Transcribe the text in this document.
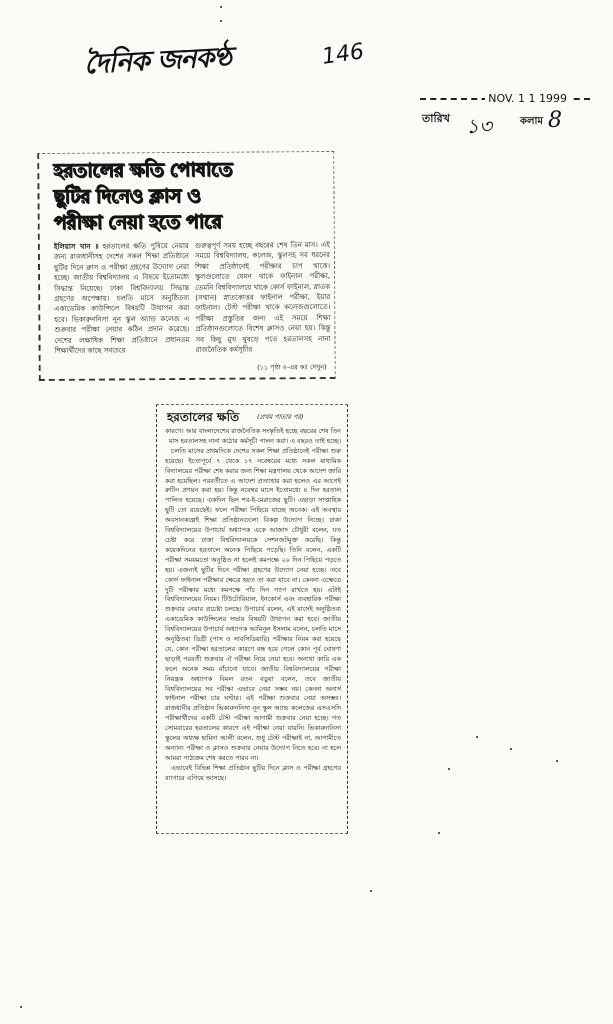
দৈনিক জনকণ্ঠ	146
NOV. 1 1 1999
তারিখ ১৩	কলাম 8
হরতালের ক্ষতি পোষাতে
ছুটির দিনেও ক্লাস ও
পরীক্ষা নেয়া হতে পারে
ইলিয়াস খান ॥ হরতালের ক্ষতি পুষিয়ে নেয়ার জন্য রাজধানীসহ দেশের সকল শিক্ষা প্রতিষ্ঠানে ছুটির দিনে ক্লাস ও পরীক্ষা গ্রহণের উদ্যোগ নেয়া হচ্ছে। জাতীয় বিশ্ববিদ্যালয় এ বিষয়ে ইতোমধ্যে সিদ্ধান্ত নিয়েছে। ঢাকা বিশ্ববিদ্যালয় সিদ্ধান্ত গ্রহণের অপেক্ষায়। চলতি মাসে অনুষ্ঠিতব্য একাডেমিক কাউন্সিলে বিষয়টি উত্থাপন করা হবে। ভিকারুননিসা নূন স্কুল অ্যান্ড কলেজ এ শুক্রবার পরীক্ষা নেয়ার কঠিন প্রদান করেছে। দেশের লক্ষাধিক শিক্ষা প্রতিষ্ঠানে প্রধানতম শিক্ষার্থীদের কাছে সবচেয়ে
গুরুত্বপূর্ণ সময় হচ্ছে বছরের শেষ তিন মাস। এই সময়ে বিশ্ববিদ্যালয়, কলেজ, স্কুলসহ সব ধরনের শিক্ষা প্রতিষ্ঠানেই পরীক্ষার চাপ থাকে। স্কুলগুলোতে যেমন থাকে ফাইনাল পরীক্ষা, তেমনি বিশ্ববিদ্যালয়ে থাকে কোর্স ফাইনাল, স্নাতক (সম্মান) স্নাতকোত্তর ফাইনাল পরীক্ষা, ইয়ার ফাইনাল। টেস্ট পরীক্ষা থাকে কলেজগুলোতে। পরীক্ষা প্রস্তুতির জন্য এই সময়ে শিক্ষা প্রতিষ্ঠানগুলোতে বিশেষ ক্লাসও নেয়া হয়। কিন্তু সব কিছু মুখ থুবড়ে পড়ে হরতালসহ নানা রাজনৈতিক কর্মসূচীর
(১১ পৃষ্ঠা ৪-এর কঃ দেখুন)
হরতালের ক্ষতি	(প্রথম পাতার পর)

কারণে। আর বাংলাদেশের রাজনৈতিক সংস্কৃতিই হচ্ছে বছরের শেষ তিন মাস হরতালসহ নানা কঠোর কর্মসূচী পালন করা। এ বছরও তাই হচ্ছে।

চলতি মাসের প্রথমদিকে দেশের সকল শিক্ষা প্রতিষ্ঠানেই পরীক্ষা শুরু হয়েছে। ইতোপূর্বে ৭ থেকে ১৭ নবেম্বরের মধ্যে সকল মাধ্যমিক বিদ্যালয়ের পরীক্ষা শেষ করার জন্য শিক্ষা মন্ত্রণালয় থেকে আদেশ জারি করা হয়েছিল। পরবর্তীতে এ আদেশ প্রত্যাহার করা হলেও এর আগেই রুটিন প্রণয়ন করা হয়। কিন্তু নবেম্বর মাসে ইতোমধ্যে ৪ দিন হরতাল পালিত হয়েছে। একদিন ছিল শব-ই-মেরাজের ছুটি। এছাড়া সাপ্তাহিক ছুটি তো রয়েছেই। ফলে পরীক্ষা পিছিয়ে যাচ্ছে অনেক। এই অবস্থার অবসানকল্পেই শিক্ষা প্রতিষ্ঠানগুলো বিকল্প উদ্যোগ নিচ্ছে। ঢাকা বিশ্ববিদ্যালয়ের উপাচার্য অধ্যাপক একে আজাদ চৌধুরী বলেন, যত চেষ্টা করে ঢাকা বিশ্ববিদ্যালয়কে সেশনজটমুক্ত করেছি। কিন্তু কয়েকদিনের হরতালে অনেক পিছিয়ে পড়েছি। তিনি বলেন, একটি পরীক্ষা সময়মতো অনুষ্ঠিত না হলেই কমপক্ষে ২০ দিন পিছিয়ে পড়তে হয়। এজন্যই ছুটির দিনে পরীক্ষা গ্রহণের উদ্যোগ নেয়া হচ্ছে। তবে কোর্স ফাইনাল পরীক্ষার ক্ষেত্রে হয়ত তা করা যাবে না। কেননা এক্ষেত্রে দুটি পরীক্ষার মধ্যে কমপক্ষে পাঁচ দিন গ্যাপ রাখতে হয়। এটাই বিশ্ববিদ্যালয়ের নিয়ম। টিউটোরিয়াল, ইনকোর্স এবং ব্যবহারিক পরীক্ষা শুক্রবার নেয়ার প্রচেষ্টা চলছে। উপাচার্য বলেন, এই মাসেই অনুষ্ঠিতব্য একাডেমিক কাউন্সিলের সভায় বিষয়টি উত্থাপন করা হবে। জাতীয় বিশ্ববিদ্যালয়ের উপাচার্য অধ্যাপক আমিনুল ইসলাম বলেন, চলতি মাসে অনুষ্ঠিতব্য ডিগ্রী (পাস ও সাবসিডিয়ারি) পরীক্ষার নিয়ম করা হয়েছে যে, কোন পরীক্ষা হরতালের কারণে বন্ধ হয়ে গেলে কোন পূর্ব ঘোষণা ছাড়াই পরবর্তী শুক্রবার ঐ পরীক্ষা নিয়ে নেয়া হবে। অন্যথা কারি এক ফলে অনেক সময় বাঁচানো যাবে। জাতীয় বিশ্ববিদ্যালয়ের পরীক্ষা নিয়ন্ত্রক অধ্যাপক বিমল রতন বড়ুয়া বলেন, তবে জাতীয় বিশ্ববিদ্যালয়ের সব পরীক্ষা এভাবে নেয়া সম্ভব নয়। কেননা অনার্স ফাইনাল পরীক্ষা চার ঘণ্টার। এই পরীক্ষা শুক্রবার নেয়া অসম্ভব। রাজধানীর প্রতিষ্ঠান ভিকারুননিসা নূন স্কুল অ্যান্ড কলেজের এসএসসি পরীক্ষার্থীদের একটি টেস্ট পরীক্ষা আগামী শুক্রবার নেয়া হচ্ছে। গত সোমবারের হরতালের কারণে এই পরীক্ষা নেয়া যায়নি। ভিকারুননিসা স্কুলের অধ্যক্ষ হামিদা আলী বলেন, শুধু টেস্ট পরীক্ষাই না, আগামীতে অন্যান্য পরীক্ষা ও ক্লাসও শুক্রবার নেয়ার উদ্যোগ নিতে হবে। না হলে আমরা পাঠ্যক্রম শেষ করতে পারব না।

এভাবেই বিভিন্ন শিক্ষা প্রতিষ্ঠান ছুটির দিনে ক্লাস ও পরীক্ষা গ্রহণের ব্যাপারে এগিয়ে আসছে।
